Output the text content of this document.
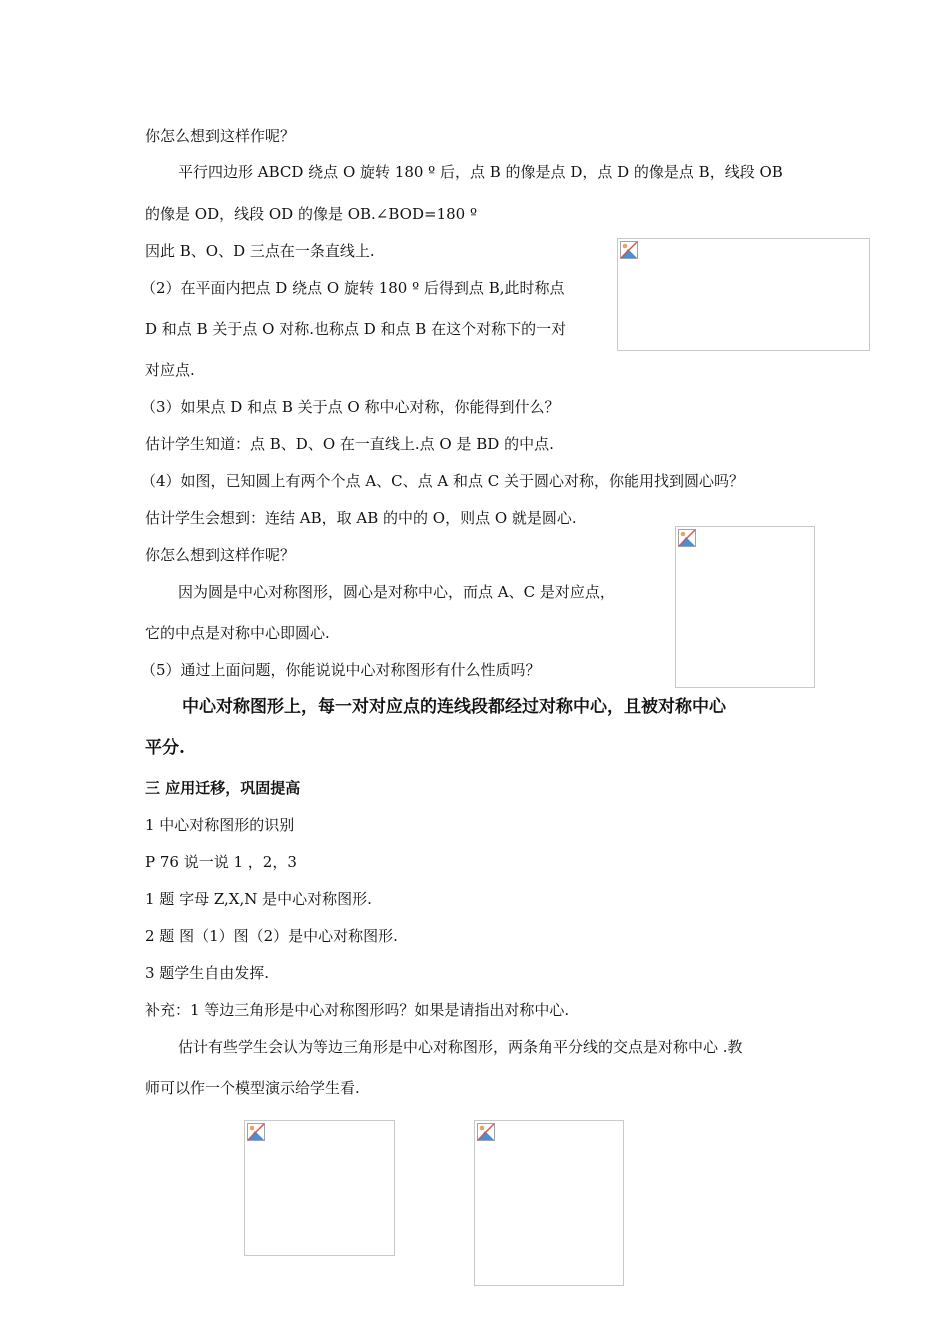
你怎么想到这样作呢？
平行四边形 ABCD 绕点 O 旋转 180 º 后，点 B 的像是点 D，点 D 的像是点 B，线段 OB
的像是 OD，线段 OD 的像是 OB.∠BOD=180 º
因此 B、O、D 三点在一条直线上.
（2）在平面内把点 D 绕点 O 旋转 180 º 后得到点 B,此时称点
D 和点 B 关于点 O 对称.也称点 D 和点 B 在这个对称下的一对
对应点.
（3）如果点 D 和点 B 关于点 O 称中心对称，你能得到什么？
估计学生知道：点 B、D、O 在一直线上.点 O 是 BD 的中点.
（4）如图，已知圆上有两个个点 A、C、点 A 和点 C 关于圆心对称，你能用找到圆心吗？
估计学生会想到：连结 AB，取 AB 的中的 O，则点 O 就是圆心.
你怎么想到这样作呢？
因为圆是中心对称图形，圆心是对称中心，而点 A、C 是对应点，
它的中点是对称中心即圆心.
（5）通过上面问题，你能说说中心对称图形有什么性质吗？
中心对称图形上，每一对对应点的连线段都经过对称中心，且被对称中心
平分.
三 应用迁移，巩固提高
1 中心对称图形的识别
P 76 说一说 1 ，2，3
1 题 字母 Z,X,N 是中心对称图形.
2 题 图（1）图（2）是中心对称图形.
3 题学生自由发挥.
补充：1 等边三角形是中心对称图形吗？如果是请指出对称中心.
估计有些学生会认为等边三角形是中心对称图形，两条角平分线的交点是对称中心 .教
师可以作一个模型演示给学生看.
